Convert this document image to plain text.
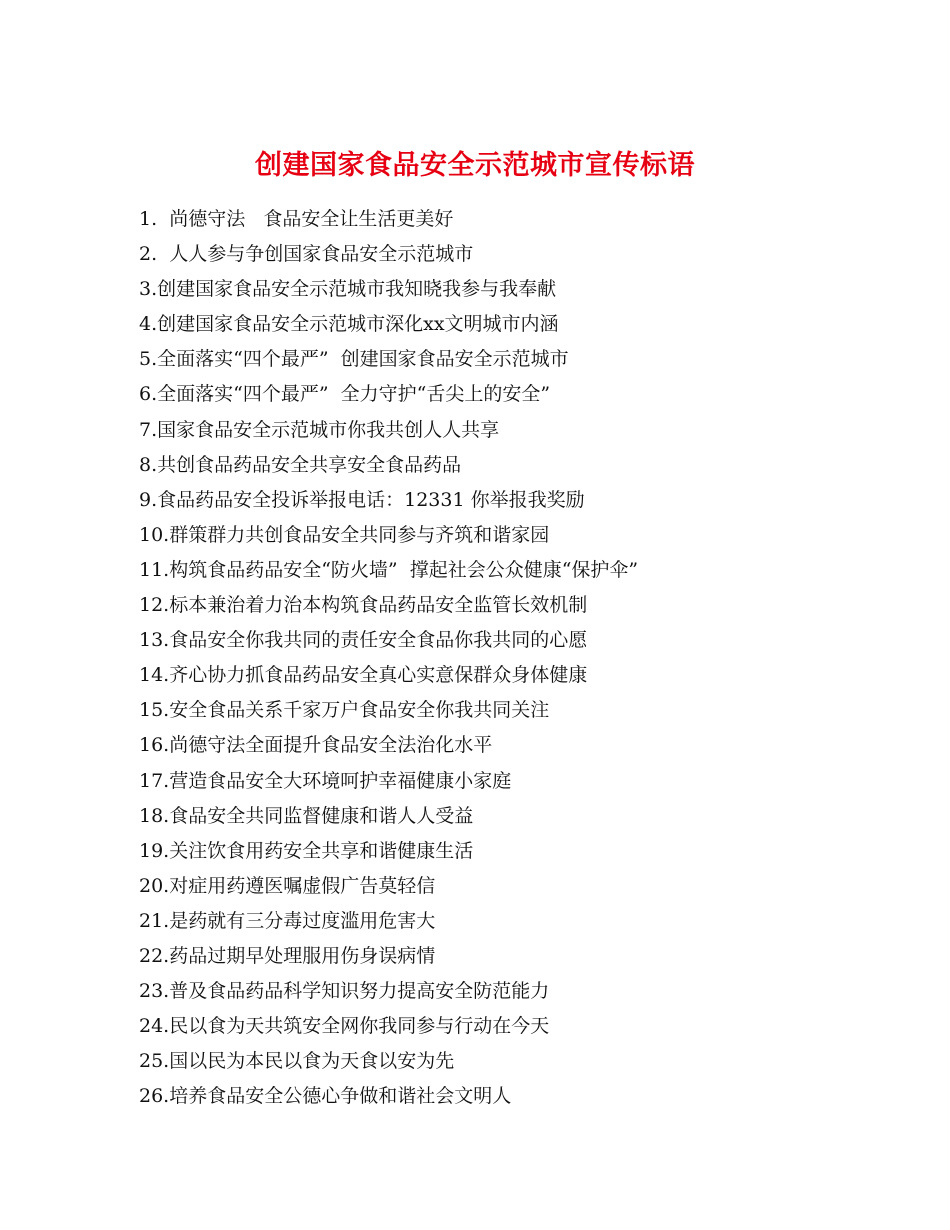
创建国家食品安全示范城市宣传标语
1.  尚德守法   食品安全让生活更美好
2.  人人参与争创国家食品安全示范城市
3.创建国家食品安全示范城市我知晓我参与我奉献
4.创建国家食品安全示范城市深化xx文明城市内涵
5.全面落实“四个最严”  创建国家食品安全示范城市
6.全面落实“四个最严”  全力守护“舌尖上的安全”
7.国家食品安全示范城市你我共创人人共享
8.共创食品药品安全共享安全食品药品
9.食品药品安全投诉举报电话：12331 你举报我奖励
10.群策群力共创食品安全共同参与齐筑和谐家园
11.构筑食品药品安全“防火墙”  撑起社会公众健康“保护伞”
12.标本兼治着力治本构筑食品药品安全监管长效机制
13.食品安全你我共同的责任安全食品你我共同的心愿
14.齐心协力抓食品药品安全真心实意保群众身体健康
15.安全食品关系千家万户食品安全你我共同关注
16.尚德守法全面提升食品安全法治化水平
17.营造食品安全大环境呵护幸福健康小家庭
18.食品安全共同监督健康和谐人人受益
19.关注饮食用药安全共享和谐健康生活
20.对症用药遵医嘱虚假广告莫轻信
21.是药就有三分毒过度滥用危害大
22.药品过期早处理服用伤身误病情
23.普及食品药品科学知识努力提高安全防范能力
24.民以食为天共筑安全网你我同参与行动在今天
25.国以民为本民以食为天食以安为先
26.培养食品安全公德心争做和谐社会文明人
